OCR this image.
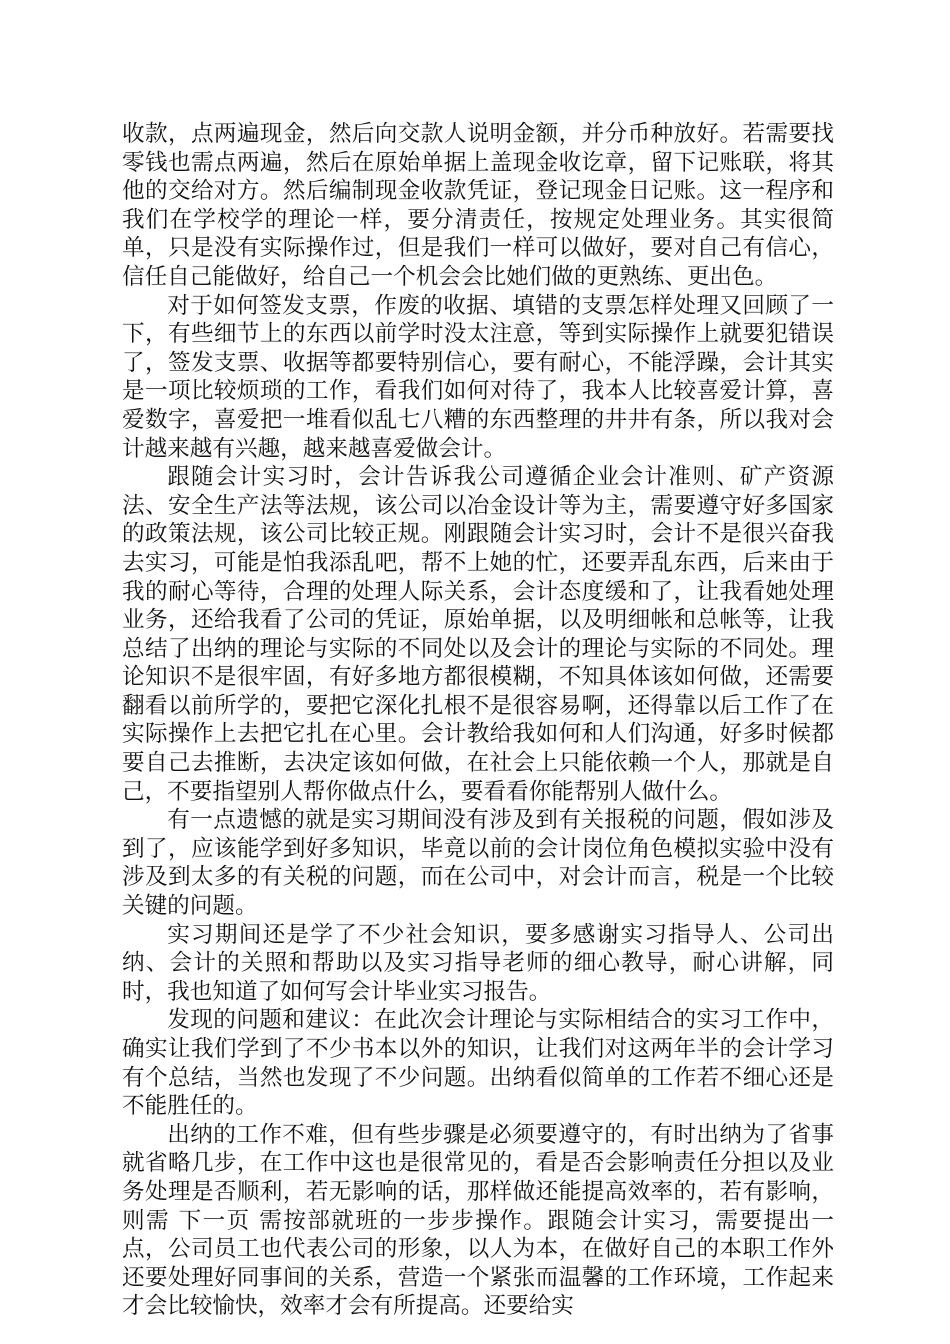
收款，点两遍现金，然后向交款人说明金额，并分币种放好。若需要找零钱也需点两遍，然后在原始单据上盖现金收讫章，留下记账联，将其他的交给对方。然后编制现金收款凭证，登记现金日记账。这一程序和我们在学校学的理论一样，要分清责任，按规定处理业务。其实很简单，只是没有实际操作过，但是我们一样可以做好，要对自己有信心，信任自己能做好，给自己一个机会会比她们做的更熟练、更出色。

对于如何签发支票，作废的收据、填错的支票怎样处理又回顾了一下，有些细节上的东西以前学时没太注意，等到实际操作上就要犯错误了，签发支票、收据等都要特别信心，要有耐心，不能浮躁，会计其实是一项比较烦琐的工作，看我们如何对待了，我本人比较喜爱计算，喜爱数字，喜爱把一堆看似乱七八糟的东西整理的井井有条，所以我对会计越来越有兴趣，越来越喜爱做会计。

跟随会计实习时，会计告诉我公司遵循企业会计准则、矿产资源法、安全生产法等法规，该公司以冶金设计等为主，需要遵守好多国家的政策法规，该公司比较正规。刚跟随会计实习时，会计不是很兴奋我去实习，可能是怕我添乱吧，帮不上她的忙，还要弄乱东西，后来由于我的耐心等待，合理的处理人际关系，会计态度缓和了，让我看她处理业务，还给我看了公司的凭证，原始单据，以及明细帐和总帐等，让我总结了出纳的理论与实际的不同处以及会计的理论与实际的不同处。理论知识不是很牢固，有好多地方都很模糊，不知具体该如何做，还需要翻看以前所学的，要把它深化扎根不是很容易啊，还得靠以后工作了在实际操作上去把它扎在心里。会计教给我如何和人们沟通，好多时候都要自己去推断，去决定该如何做，在社会上只能依赖一个人，那就是自己，不要指望别人帮你做点什么，要看看你能帮别人做什么。

有一点遗憾的就是实习期间没有涉及到有关报税的问题，假如涉及到了，应该能学到好多知识，毕竟以前的会计岗位角色模拟实验中没有涉及到太多的有关税的问题，而在公司中，对会计而言，税是一个比较关键的问题。

实习期间还是学了不少社会知识，要多感谢实习指导人、公司出纳、会计的关照和帮助以及实习指导老师的细心教导，耐心讲解，同时，我也知道了如何写会计毕业实习报告。

发现的问题和建议：在此次会计理论与实际相结合的实习工作中，确实让我们学到了不少书本以外的知识，让我们对这两年半的会计学习有个总结，当然也发现了不少问题。出纳看似简单的工作若不细心还是不能胜任的。

出纳的工作不难，但有些步骤是必须要遵守的，有时出纳为了省事就省略几步，在工作中这也是很常见的，看是否会影响责任分担以及业务处理是否顺利，若无影响的话，那样做还能提高效率的，若有影响，则需 下一页 需按部就班的一步步操作。跟随会计实习，需要提出一点，公司员工也代表公司的形象，以人为本，在做好自己的本职工作外还要处理好同事间的关系，营造一个紧张而温馨的工作环境，工作起来才会比较愉快，效率才会有所提高。还要给实
